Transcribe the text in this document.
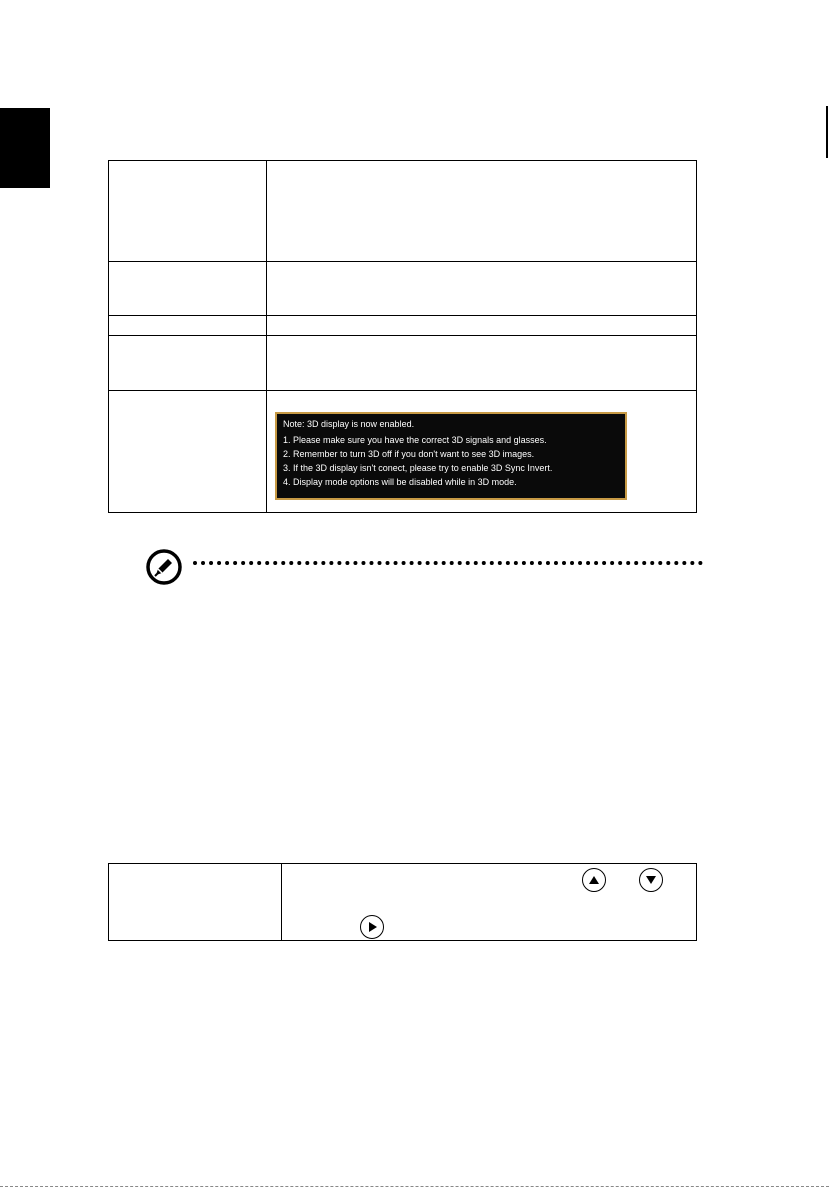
	Note: 3D display is now enabled.
1. Please make sure you have the correct 3D signals and glasses.
2. Remember to turn 3D off if you don't want to see 3D images.
3. If the 3D display isn't conect, please try to enable 3D Sync Invert.
4. Display mode options will be disabled while in 3D mode.
